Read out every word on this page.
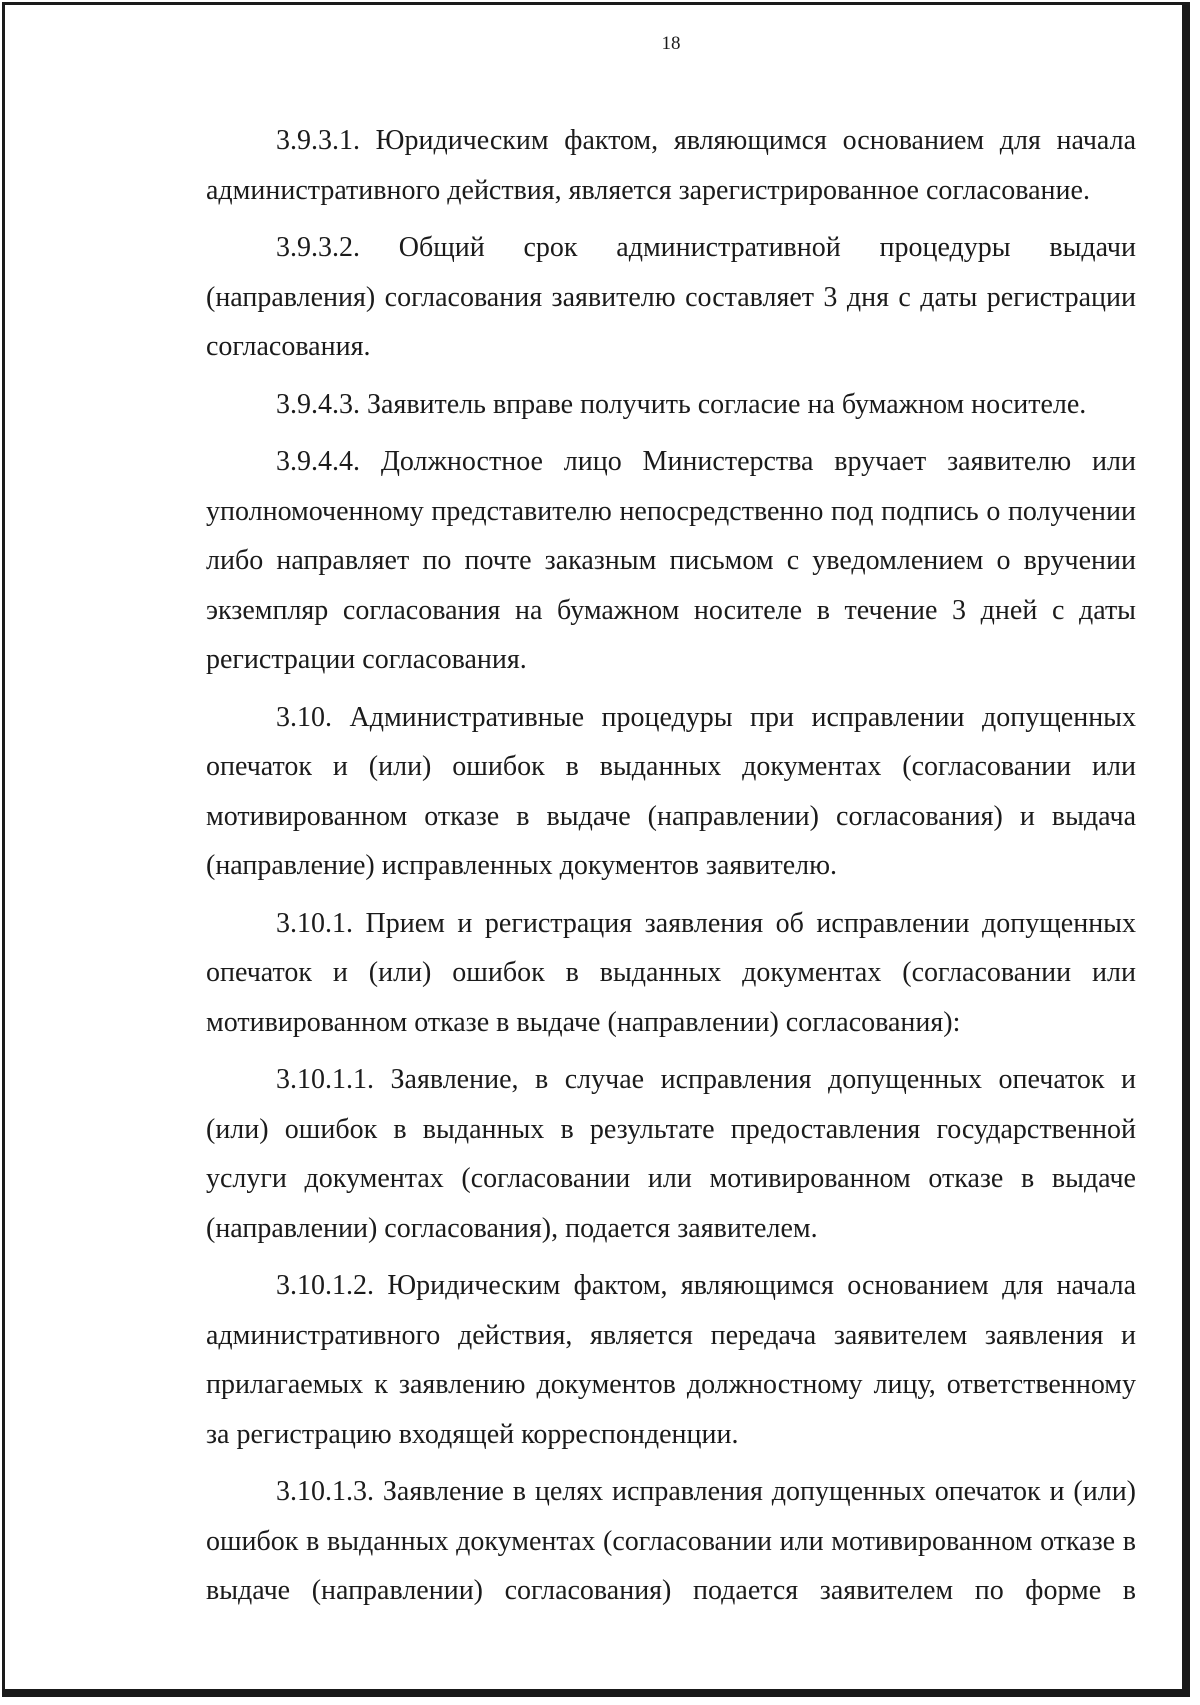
18

3.9.3.1. Юридическим фактом, являющимся основанием для начала административного действия, является зарегистрированное согласование.

3.9.3.2. Общий срок административной процедуры выдачи (направления) согласования заявителю составляет 3 дня с даты регистрации согласования.

3.9.4.3. Заявитель вправе получить согласие на бумажном носителе.

3.9.4.4. Должностное лицо Министерства вручает заявителю или уполномоченному представителю непосредственно под подпись о получении либо направляет по почте заказным письмом с уведомлением о вручении экземпляр согласования на бумажном носителе в течение 3 дней с даты регистрации согласования.

3.10. Административные процедуры при исправлении допущенных опечаток и (или) ошибок в выданных документах (согласовании или мотивированном отказе в выдаче (направлении) согласования) и выдача (направление) исправленных документов заявителю.

3.10.1. Прием и регистрация заявления об исправлении допущенных опечаток и (или) ошибок в выданных документах (согласовании или мотивированном отказе в выдаче (направлении) согласования):

3.10.1.1. Заявление, в случае исправления допущенных опечаток и (или) ошибок в выданных в результате предоставления государственной услуги документах (согласовании или мотивированном отказе в выдаче (направлении) согласования), подается заявителем.

3.10.1.2. Юридическим фактом, являющимся основанием для начала административного действия, является передача заявителем заявления и прилагаемых к заявлению документов должностному лицу, ответственному за регистрацию входящей корреспонденции.

3.10.1.3. Заявление в целях исправления допущенных опечаток и (или) ошибок в выданных документах (согласовании или мотивированном отказе в выдаче (направлении) согласования) подается заявителем по форме в
